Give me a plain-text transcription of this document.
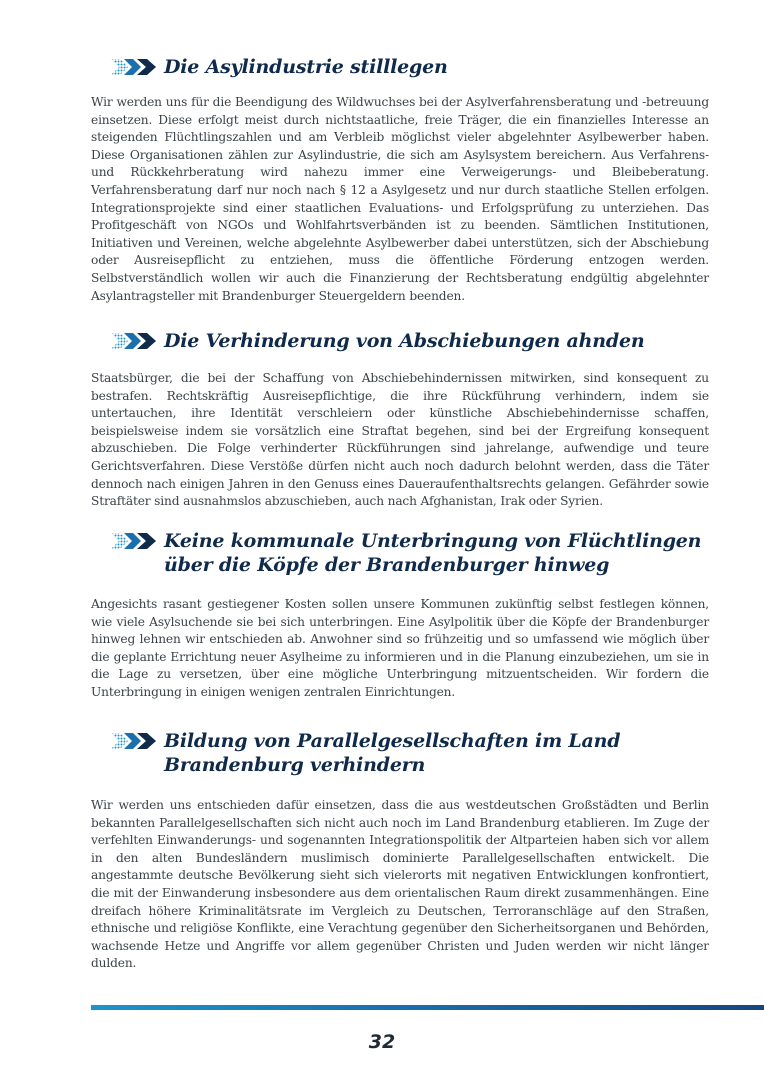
Die Asylindustrie stilllegen

Wir werden uns für die Beendigung des Wildwuchses bei der Asylverfahrensberatung und -betreuung einsetzen. Diese erfolgt meist durch nichtstaatliche, freie Träger, die ein finanzielles Interesse an steigenden Flüchtlingszahlen und am Verbleib möglichst vieler abgelehnter Asylbewerber haben. Diese Organisationen zählen zur Asylindustrie, die sich am Asylsystem bereichern. Aus Verfahrens- und Rückkehrberatung wird nahezu immer eine Verweigerungs- und Bleibeberatung. Verfahrensberatung darf nur noch nach § 12 a Asylgesetz und nur durch staatliche Stellen erfolgen. Integrationsprojekte sind einer staatlichen Evaluations- und Erfolgsprüfung zu unterziehen. Das Profitgeschäft von NGOs und Wohlfahrtsverbänden ist zu beenden. Sämtlichen Institutionen, Initiativen und Vereinen, welche abgelehnte Asylbewerber dabei unterstützen, sich der Abschiebung oder Ausreisepflicht zu entziehen, muss die öffentliche Förderung entzogen werden. Selbstverständlich wollen wir auch die Finanzierung der Rechtsberatung endgültig abgelehnter Asylantragsteller mit Brandenburger Steuergeldern beenden.

Die Verhinderung von Abschiebungen ahnden

Staatsbürger, die bei der Schaffung von Abschiebehindernissen mitwirken, sind konsequent zu bestrafen. Rechtskräftig Ausreisepflichtige, die ihre Rückführung verhindern, indem sie untertauchen, ihre Identität verschleiern oder künstliche Abschiebehindernisse schaffen, beispielsweise indem sie vorsätzlich eine Straftat begehen, sind bei der Ergreifung konsequent abzuschieben. Die Folge verhinderter Rückführungen sind jahrelange, aufwendige und teure Gerichtsverfahren. Diese Verstöße dürfen nicht auch noch dadurch belohnt werden, dass die Täter dennoch nach einigen Jahren in den Genuss eines Daueraufenthaltsrechts gelangen. Gefährder sowie Straftäter sind ausnahmslos abzuschieben, auch nach Afghanistan, Irak oder Syrien.

Keine kommunale Unterbringung von Flüchtlingen über die Köpfe der Brandenburger hinweg

Angesichts rasant gestiegener Kosten sollen unsere Kommunen zukünftig selbst festlegen können, wie viele Asylsuchende sie bei sich unterbringen. Eine Asylpolitik über die Köpfe der Brandenburger hinweg lehnen wir entschieden ab. Anwohner sind so frühzeitig und so umfassend wie möglich über die geplante Errichtung neuer Asylheime zu informieren und in die Planung einzubeziehen, um sie in die Lage zu versetzen, über eine mögliche Unterbringung mitzuentscheiden. Wir fordern die Unterbringung in einigen wenigen zentralen Einrichtungen.

Bildung von Parallelgesellschaften im Land Brandenburg verhindern

Wir werden uns entschieden dafür einsetzen, dass die aus westdeutschen Großstädten und Berlin bekannten Parallelgesellschaften sich nicht auch noch im Land Brandenburg etablieren. Im Zuge der verfehlten Einwanderungs- und sogenannten Integrationspolitik der Altparteien haben sich vor allem in den alten Bundesländern muslimisch dominierte Parallelgesellschaften entwickelt. Die angestammte deutsche Bevölkerung sieht sich vielerorts mit negativen Entwicklungen konfrontiert, die mit der Einwanderung insbesondere aus dem orientalischen Raum direkt zusammenhängen. Eine dreifach höhere Kriminalitätsrate im Vergleich zu Deutschen, Terroranschläge auf den Straßen, ethnische und religiöse Konflikte, eine Verachtung gegenüber den Sicherheitsorganen und Behörden, wachsende Hetze und Angriffe vor allem gegenüber Christen und Juden werden wir nicht länger dulden.

32
